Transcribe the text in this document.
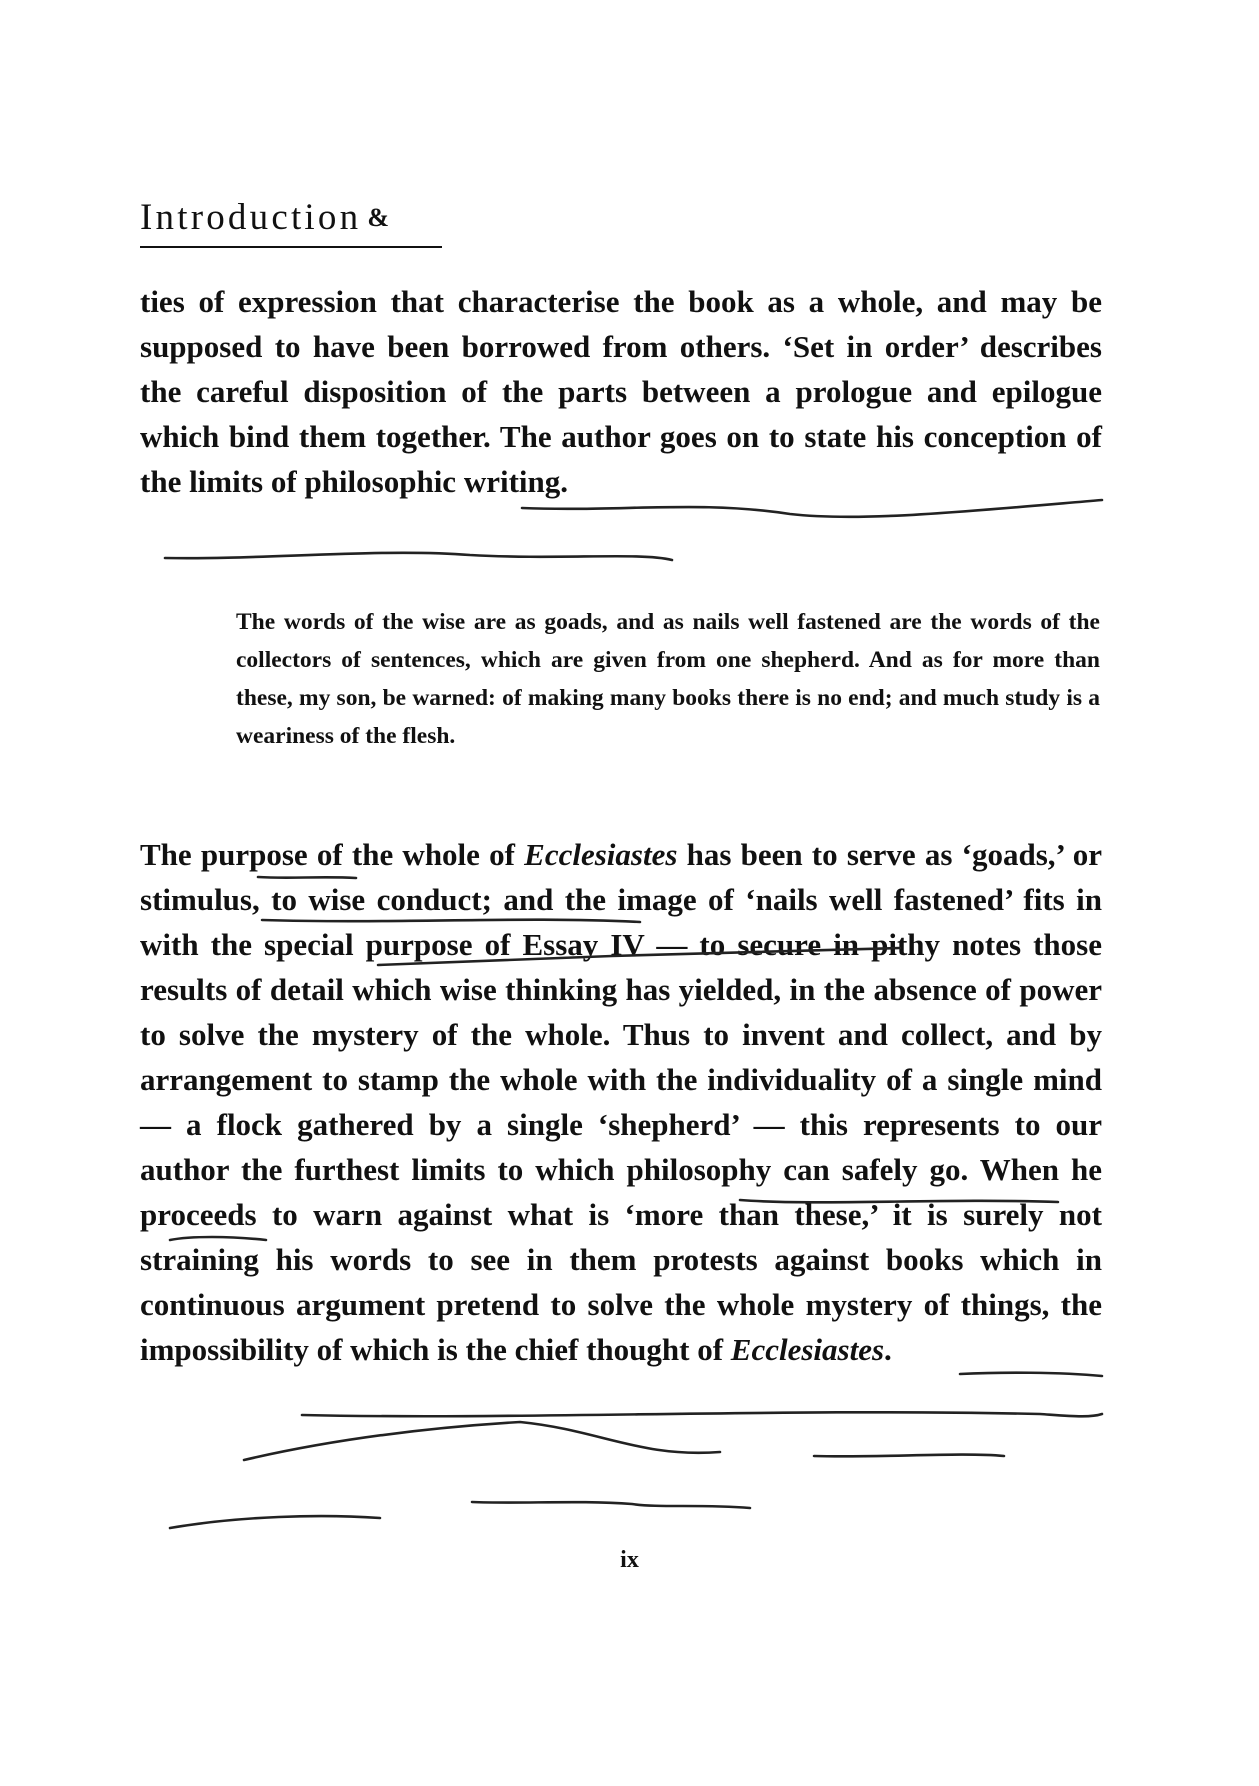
Introduction &

ties of expression that characterise the book as a whole, and may be supposed to have been borrowed from others. ‘Set in order’ describes the careful disposition of the parts between a prologue and epilogue which bind them together. The author goes on to state his conception of the limits of philosophic writing.

The words of the wise are as goads, and as nails well fastened are the words of the collectors of sentences, which are given from one shepherd. And as for more than these, my son, be warned: of making many books there is no end; and much study is a weariness of the flesh.

The purpose of the whole of Ecclesiastes has been to serve as ‘goads,’ or stimulus, to wise conduct; and the image of ‘nails well fastened’ fits in with the special purpose of Essay IV — to secure in pithy notes those results of detail which wise thinking has yielded, in the absence of power to solve the mystery of the whole. Thus to invent and collect, and by arrangement to stamp the whole with the individuality of a single mind — a flock gathered by a single ‘shepherd’ — this represents to our author the furthest limits to which philosophy can safely go. When he proceeds to warn against what is ‘more than these,’ it is surely not straining his words to see in them protests against books which in continuous argument pretend to solve the whole mystery of things, the impossibility of which is the chief thought of Ecclesiastes.

ix
